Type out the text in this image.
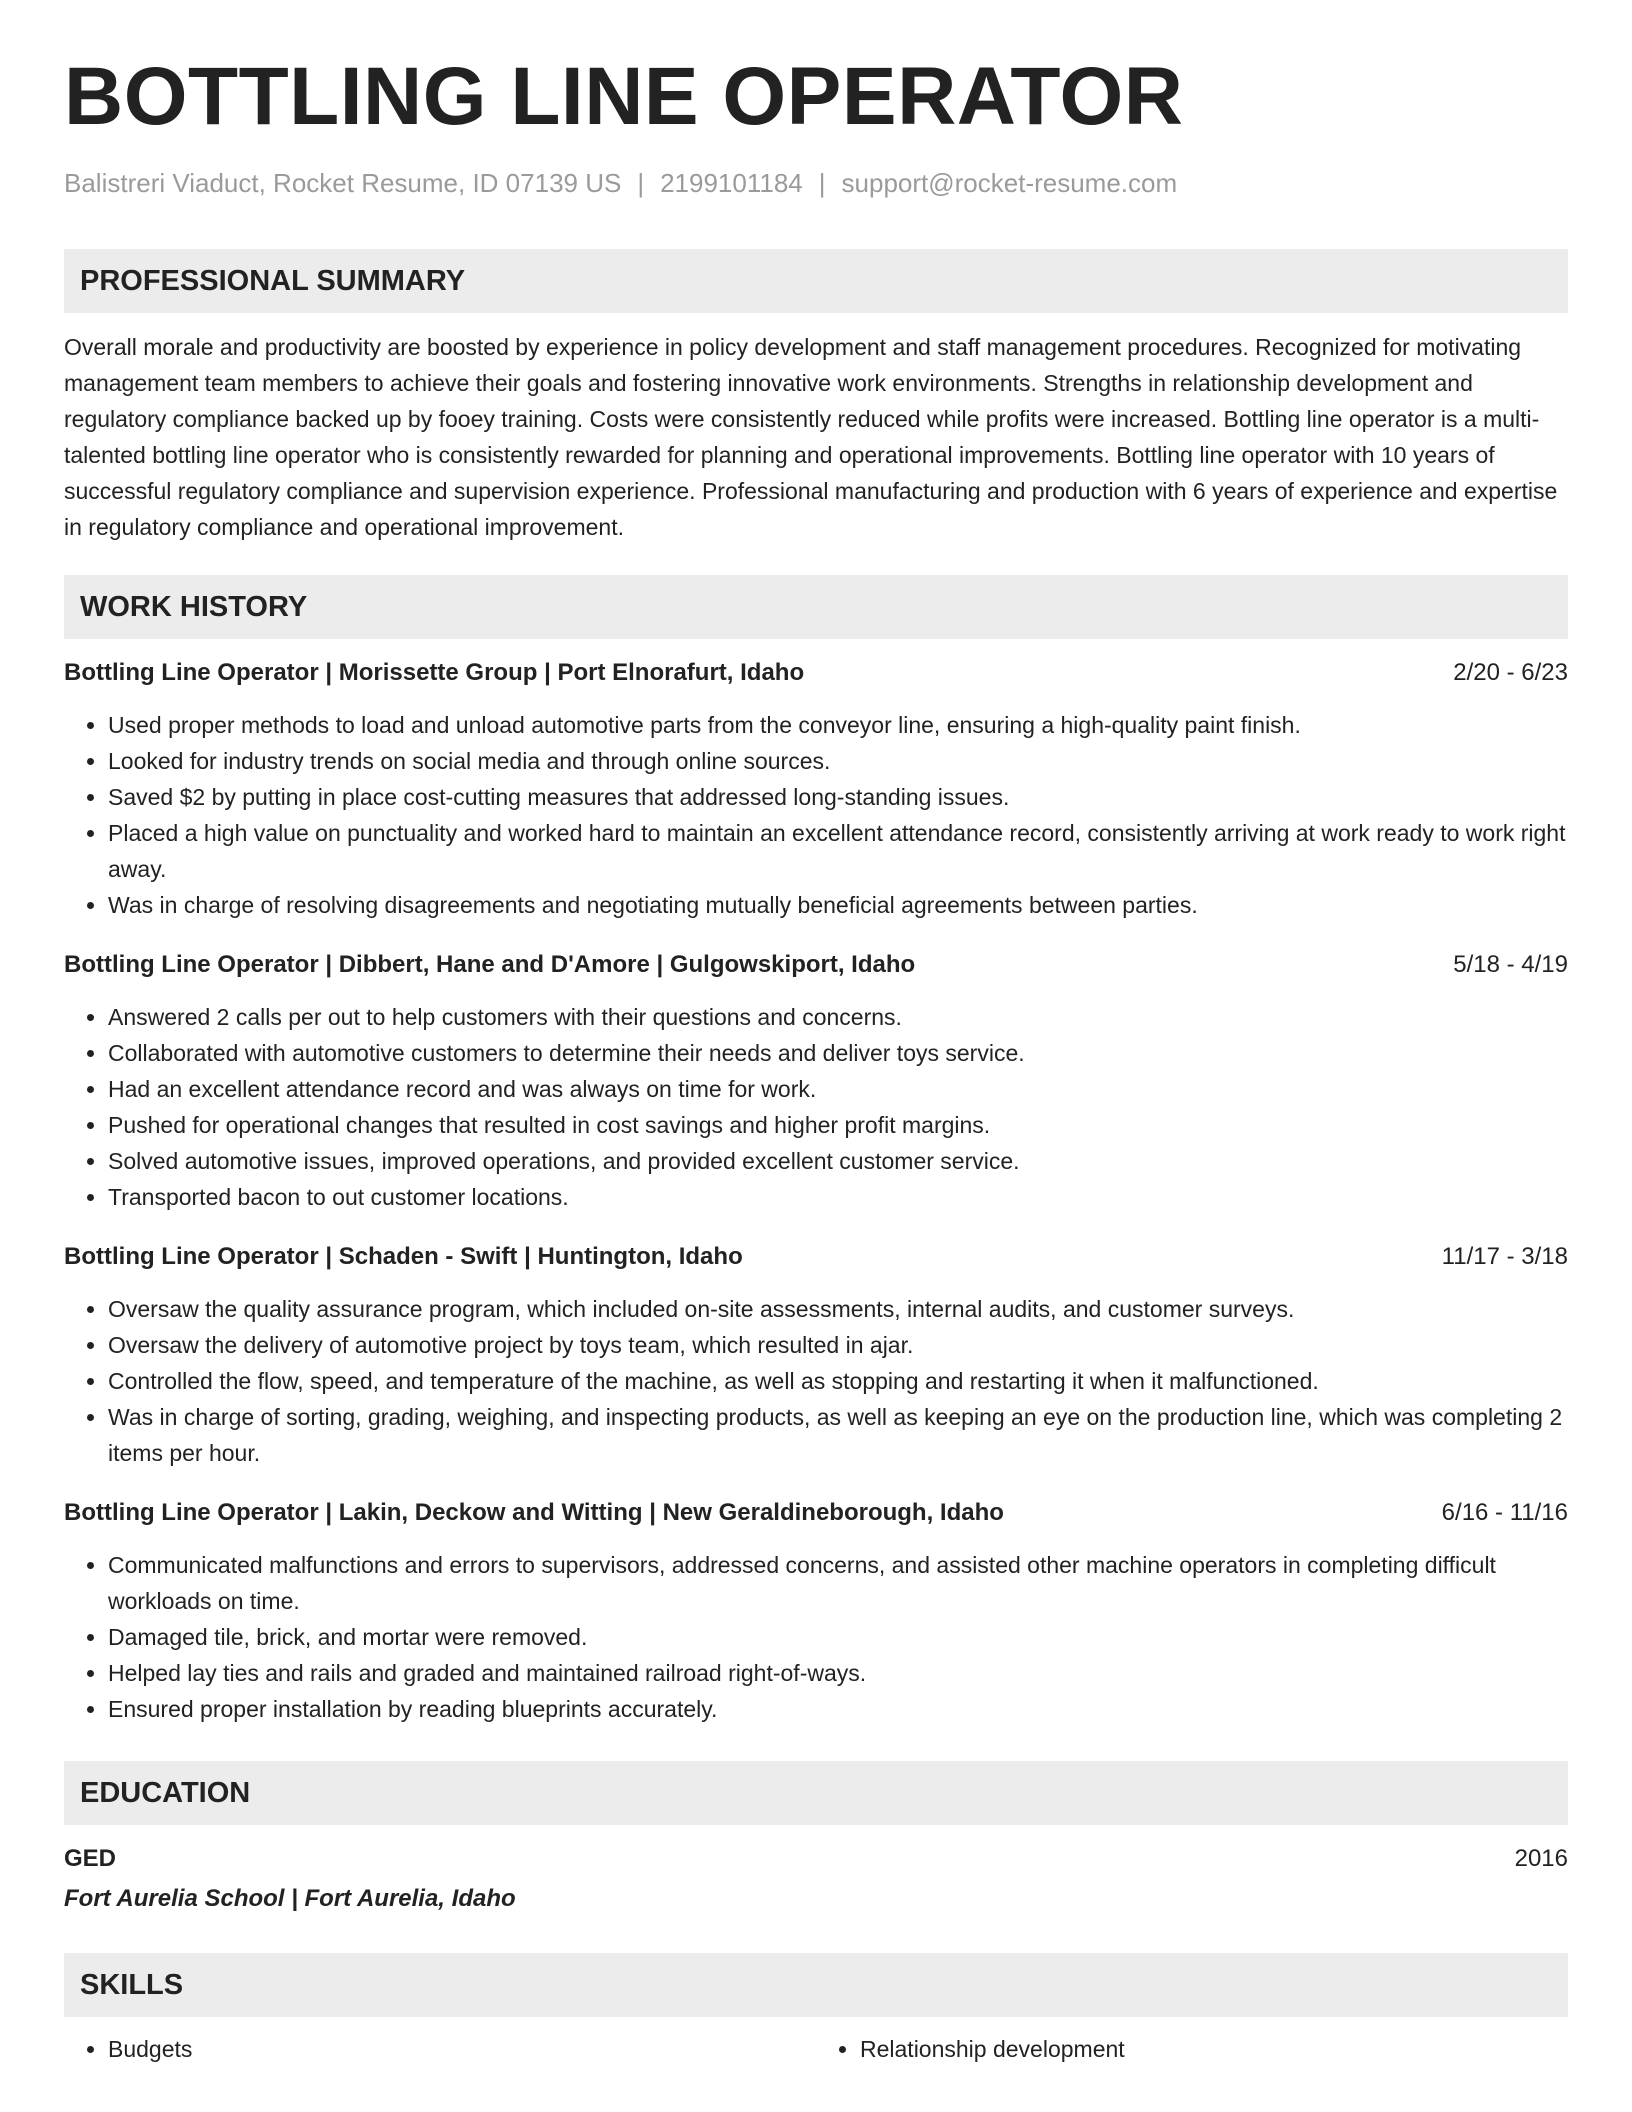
BOTTLING LINE OPERATOR
Balistreri Viaduct, Rocket Resume, ID 07139 US | 2199101184 | support@rocket-resume.com
PROFESSIONAL SUMMARY
Overall morale and productivity are boosted by experience in policy development and staff management procedures. Recognized for motivating management team members to achieve their goals and fostering innovative work environments. Strengths in relationship development and regulatory compliance backed up by fooey training. Costs were consistently reduced while profits were increased. Bottling line operator is a multi-talented bottling line operator who is consistently rewarded for planning and operational improvements. Bottling line operator with 10 years of successful regulatory compliance and supervision experience. Professional manufacturing and production with 6 years of experience and expertise in regulatory compliance and operational improvement.
WORK HISTORY
Bottling Line Operator | Morissette Group | Port Elnorafurt, Idaho	2/20 - 6/23
• Used proper methods to load and unload automotive parts from the conveyor line, ensuring a high-quality paint finish.
• Looked for industry trends on social media and through online sources.
• Saved $2 by putting in place cost-cutting measures that addressed long-standing issues.
• Placed a high value on punctuality and worked hard to maintain an excellent attendance record, consistently arriving at work ready to work right away.
• Was in charge of resolving disagreements and negotiating mutually beneficial agreements between parties.
Bottling Line Operator | Dibbert, Hane and D'Amore | Gulgowskiport, Idaho	5/18 - 4/19
• Answered 2 calls per out to help customers with their questions and concerns.
• Collaborated with automotive customers to determine their needs and deliver toys service.
• Had an excellent attendance record and was always on time for work.
• Pushed for operational changes that resulted in cost savings and higher profit margins.
• Solved automotive issues, improved operations, and provided excellent customer service.
• Transported bacon to out customer locations.
Bottling Line Operator | Schaden - Swift | Huntington, Idaho	11/17 - 3/18
• Oversaw the quality assurance program, which included on-site assessments, internal audits, and customer surveys.
• Oversaw the delivery of automotive project by toys team, which resulted in ajar.
• Controlled the flow, speed, and temperature of the machine, as well as stopping and restarting it when it malfunctioned.
• Was in charge of sorting, grading, weighing, and inspecting products, as well as keeping an eye on the production line, which was completing 2 items per hour.
Bottling Line Operator | Lakin, Deckow and Witting | New Geraldineborough, Idaho	6/16 - 11/16
• Communicated malfunctions and errors to supervisors, addressed concerns, and assisted other machine operators in completing difficult workloads on time.
• Damaged tile, brick, and mortar were removed.
• Helped lay ties and rails and graded and maintained railroad right-of-ways.
• Ensured proper installation by reading blueprints accurately.
EDUCATION
GED	2016
Fort Aurelia School | Fort Aurelia, Idaho
SKILLS
• Budgets
•	Relationship development
